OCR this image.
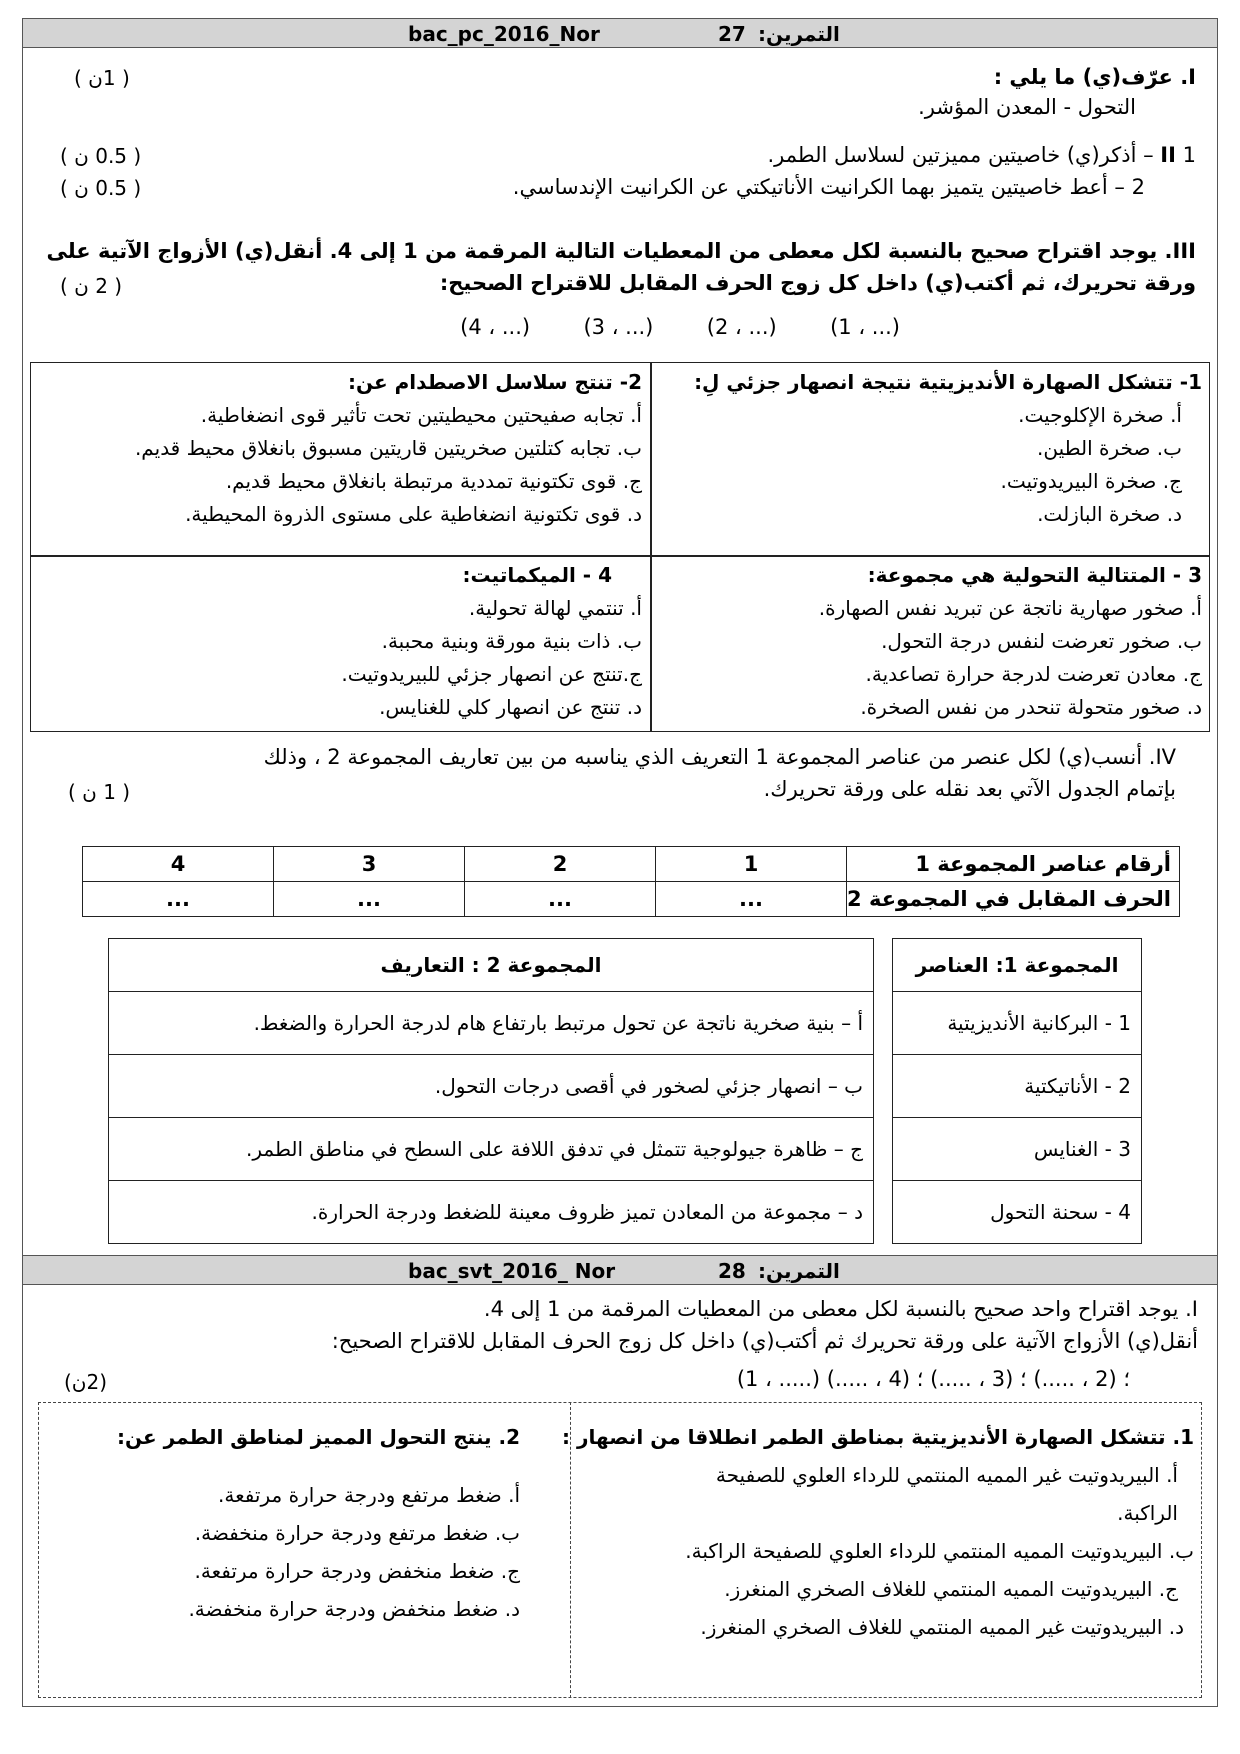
bac_pc_2016_Nor	27 التمرين:
I. عرّف(ي) ما يلي :
( 1ن )
التحول - المعدن المؤشر.
II 1 – أذكر(ي) خاصيتين مميزتين لسلاسل الطمر.
( 0.5 ن )
2 – أعط خاصيتين يتميز بهما الكرانيت الأناتيكتي عن الكرانيت الإندساسي.
( 0.5 ن )
III. يوجد اقتراح صحيح بالنسبة لكل معطى من المعطيات التالية المرقمة من 1 إلى 4. أنقل(ي) الأزواج الآتية على
ورقة تحريرك، ثم أكتب(ي) داخل كل زوج الحرف المقابل للاقتراح الصحيح:
( 2 ن )
(4 ، ...)	(3 ، ...)	(2 ، ...)	(1 ، ...)

1- تتشكل الصهارة الأنديزيتية نتيجة انصهار جزئي لِ:

أ. صخرة الإكلوجيت.

ب. صخرة الطين.

ج. صخرة البيريدوتيت.

د. صخرة البازلت.

2- تنتج سلاسل الاصطدام عن:

أ. تجابه صفيحتين محيطيتين تحت تأثير قوى انضغاطية.

ب. تجابه كتلتين صخريتين قاريتين مسبوق بانغلاق محيط قديم.

ج. قوى تكتونية تمددية مرتبطة بانغلاق محيط قديم.

د. قوى تكتونية انضغاطية على مستوى الذروة المحيطية.

3 - المتتالية التحولية هي مجموعة:

أ. صخور صهارية ناتجة عن تبريد نفس الصهارة.

ب. صخور تعرضت لنفس درجة التحول.

ج. معادن تعرضت لدرجة حرارة تصاعدية.

د. صخور متحولة تنحدر من نفس الصخرة.

4 - الميكماتيت:

أ. تنتمي لهالة تحولية.

ب. ذات بنية مورقة وبنية محببة.

ج.تنتج عن انصهار جزئي للبيريدوتيت.

د. تنتج عن انصهار كلي للغنايس.

IV. أنسب(ي) لكل عنصر من عناصر المجموعة 1 التعريف الذي يناسبه من بين تعاريف المجموعة 2 ، وذلك
بإتمام الجدول الآتي بعد نقله على ورقة تحريرك.
( 1 ن )
4	3	2	1	أرقام عناصر المجموعة 1
...	...	...	...	الحرف المقابل في المجموعة 2
المجموعة 2 : التعاريف
أ – بنية صخرية ناتجة عن تحول مرتبط بارتفاع هام لدرجة الحرارة والضغط.
ب – انصهار جزئي لصخور في أقصى درجات التحول.
ج – ظاهرة جيولوجية تتمثل في تدفق اللافة على السطح في مناطق الطمر.
د – مجموعة من المعادن تميز ظروف معينة للضغط ودرجة الحرارة.
المجموعة 1: العناصر
1 - البركانية الأنديزيتية
2 - الأناتيكتية
3 - الغنايس
4 - سحنة التحول
bac_svt_2016_ Nor	28 التمرين:
I. يوجد اقتراح واحد صحيح بالنسبة لكل معطى من المعطيات المرقمة من 1 إلى 4.
أنقل(ي) الأزواج الآتية على ورقة تحريرك ثم أكتب(ي) داخل كل زوج الحرف المقابل للاقتراح الصحيح:
(1 ، .....) ؛ (2 ، .....) ؛ (3 ، .....) ؛ (4 ، .....)
(2ن)

1. تتشكل الصهارة الأنديزيتية بمناطق الطمر انطلاقا من انصهار :

أ. البيريدوتيت غير المميه المنتمي للرداء العلوي للصفيحة

الراكبة.

ب. البيريدوتيت المميه المنتمي للرداء العلوي للصفيحة الراكبة.

ج. البيريدوتيت المميه المنتمي للغلاف الصخري المنغرز.

د. البيريدوتيت غير المميه المنتمي للغلاف الصخري المنغرز.

2. ينتج التحول المميز لمناطق الطمر عن:

أ. ضغط مرتفع ودرجة حرارة مرتفعة.

ب. ضغط مرتفع ودرجة حرارة منخفضة.

ج. ضغط منخفض ودرجة حرارة مرتفعة.

د. ضغط منخفض ودرجة حرارة منخفضة.
